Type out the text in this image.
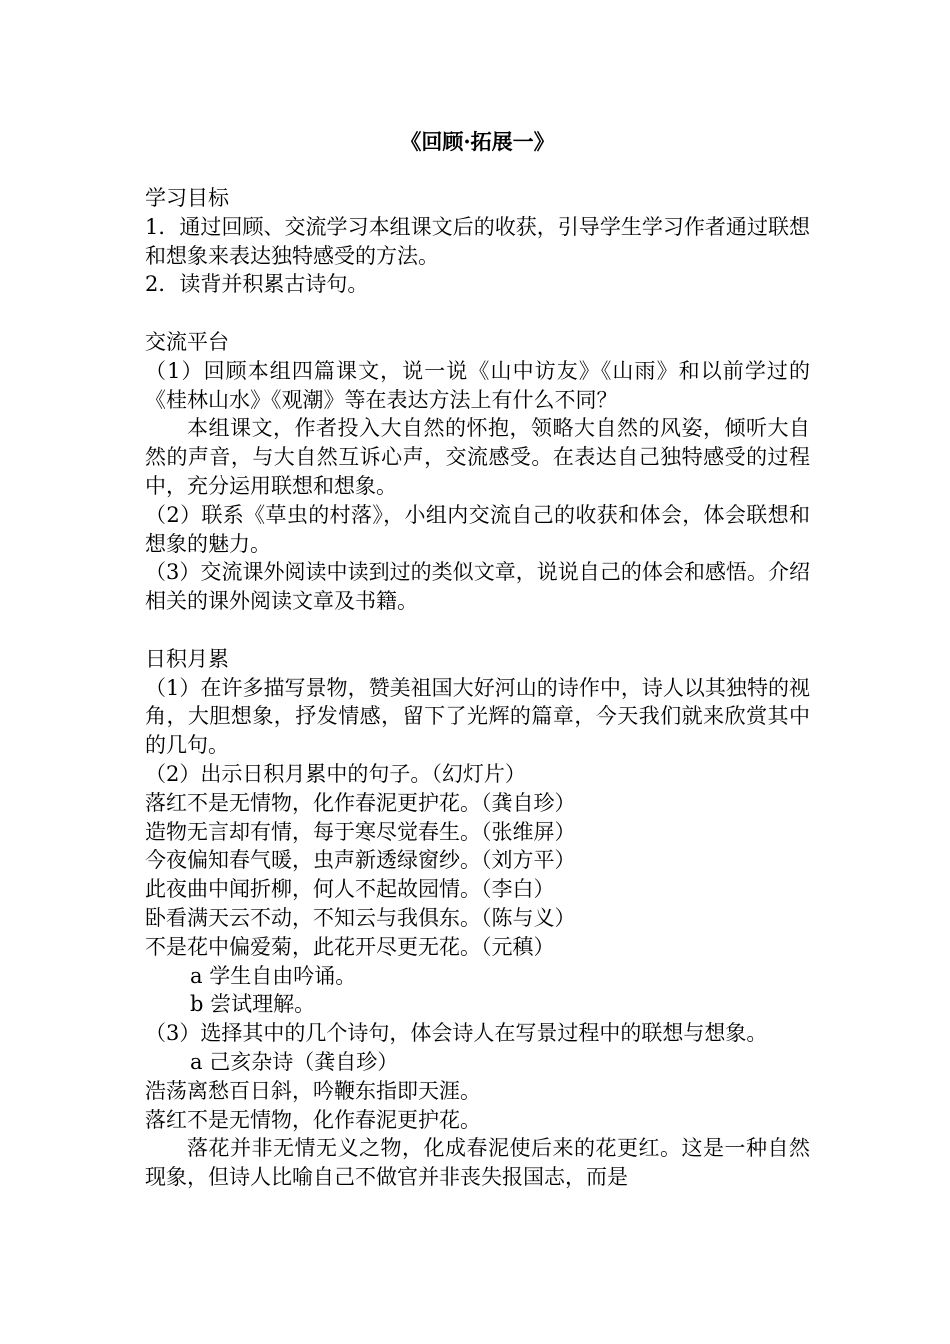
《回顾·拓展一》
学习目标
1．通过回顾、交流学习本组课文后的收获，引导学生学习作者通过联想和想象来表达独特感受的方法。
2．读背并积累古诗句。
交流平台
（1）回顾本组四篇课文，说一说《山中访友》《山雨》和以前学过的《桂林山水》《观潮》等在表达方法上有什么不同？
本组课文，作者投入大自然的怀抱，领略大自然的风姿，倾听大自然的声音，与大自然互诉心声，交流感受。在表达自己独特感受的过程中，充分运用联想和想象。
（2）联系《草虫的村落》，小组内交流自己的收获和体会，体会联想和想象的魅力。
（3）交流课外阅读中读到过的类似文章，说说自己的体会和感悟。介绍相关的课外阅读文章及书籍。
日积月累
（1）在许多描写景物，赞美祖国大好河山的诗作中，诗人以其独特的视角，大胆想象，抒发情感，留下了光辉的篇章，今天我们就来欣赏其中的几句。
（2）出示日积月累中的句子。（幻灯片）
落红不是无情物，化作春泥更护花。（龚自珍）
造物无言却有情，每于寒尽觉春生。（张维屏）
今夜偏知春气暖，虫声新透绿窗纱。（刘方平）
此夜曲中闻折柳，何人不起故园情。（李白）
卧看满天云不动，不知云与我俱东。（陈与义）
不是花中偏爱菊，此花开尽更无花。（元稹）
a 学生自由吟诵。
b 尝试理解。
（3）选择其中的几个诗句，体会诗人在写景过程中的联想与想象。
a 己亥杂诗（龚自珍）
浩荡离愁百日斜，吟鞭东指即天涯。
落红不是无情物，化作春泥更护花。
落花并非无情无义之物，化成春泥使后来的花更红。这是一种自然现象，但诗人比喻自己不做官并非丧失报国志，而是
